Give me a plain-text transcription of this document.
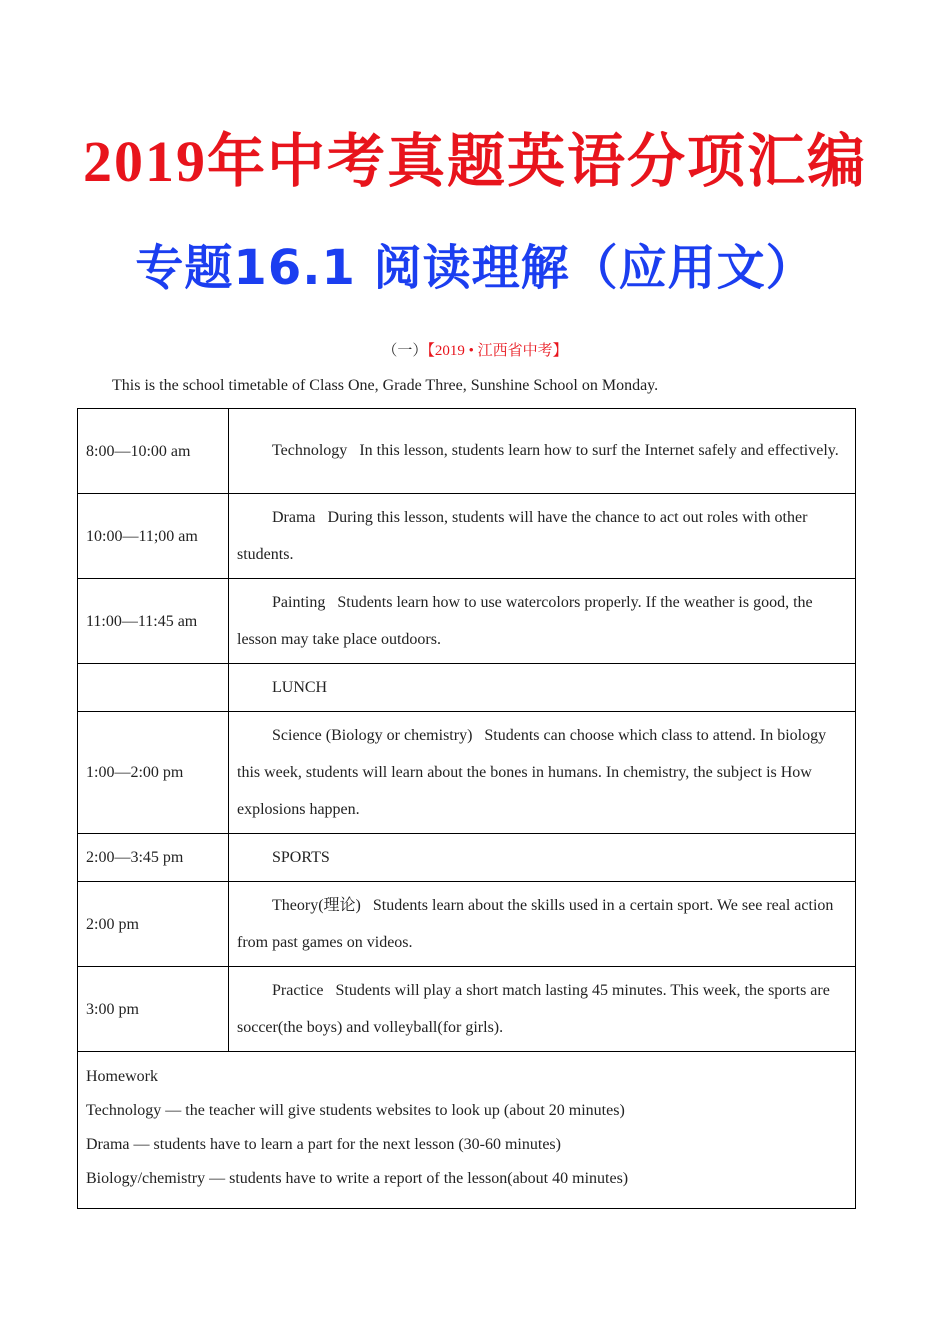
2019年中考真题英语分项汇编
专题16.1 阅读理解（应用文）
（一）【2019 • 江西省中考】
This is the school timetable of Class One, Grade Three, Sunshine School on Monday.
8:00—10:00 am	Technology In this lesson, students learn how to surf the Internet safely and effectively.
10:00—11;00 am	Drama During this lesson, students will have the chance to act out roles with other students.
11:00—11:45 am	Painting Students learn how to use watercolors properly. If the weather is good, the lesson may take place outdoors.
	LUNCH
1:00—2:00 pm	Science (Biology or chemistry) Students can choose which class to attend. In biology this week, students will learn about the bones in humans. In chemistry, the subject is How explosions happen.
2:00—3:45 pm	SPORTS
2:00 pm	Theory(理论) Students learn about the skills used in a certain sport. We see real action from past games on videos.
3:00 pm	Practice Students will play a short match lasting 45 minutes. This week, the sports are soccer(the boys) and volleyball(for girls).

Homework
Technology — the teacher will give students websites to look up (about 20 minutes)
Drama — students have to learn a part for the next lesson (30-60 minutes)
Biology/chemistry — students have to write a report of the lesson(about 40 minutes)	
